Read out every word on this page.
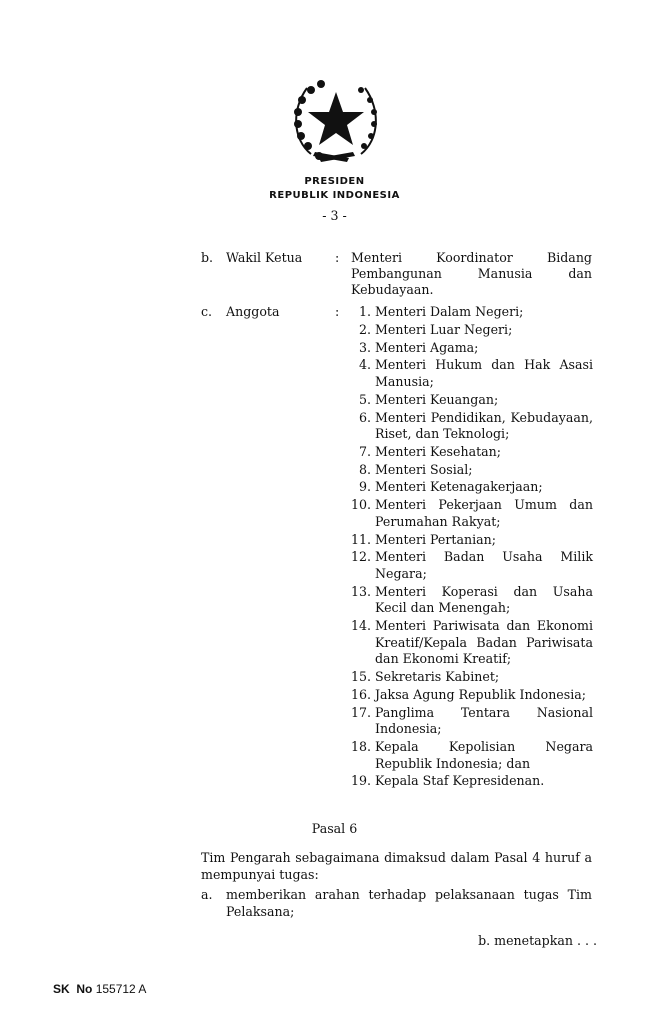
PRESIDEN
REPUBLIK INDONESIA
- 3 -
b. Wakil Ketua	: Menteri Koordinator Bidang
Pembangunan Manusia dan
Kebudayaan.
c. Anggota	:	1. Menteri Dalam Negeri;
2. Menteri Luar Negeri;
3. Menteri Agama;
4. Menteri Hukum dan Hak Asasi Manusia;
5. Menteri Keuangan;
6. Menteri Pendidikan, Kebudayaan, Riset, dan Teknologi;
7. Menteri Kesehatan;
8. Menteri Sosial;
9. Menteri Ketenagakerjaan;
10. Menteri Pekerjaan Umum dan Perumahan Rakyat;
11. Menteri Pertanian;
12. Menteri Badan Usaha Milik Negara;
13. Menteri Koperasi dan Usaha Kecil dan Menengah;
14. Menteri Pariwisata dan Ekonomi Kreatif/Kepala Badan Pariwisata dan Ekonomi Kreatif;
15. Sekretaris Kabinet;
16. Jaksa Agung Republik Indonesia;
17. Panglima Tentara Nasional Indonesia;
18. Kepala Kepolisian Negara Republik Indonesia; dan
19. Kepala Staf Kepresidenan.
Pasal 6
Tim Pengarah sebagaimana dimaksud dalam Pasal 4 huruf a mempunyai tugas:
a. memberikan arahan terhadap pelaksanaan tugas Tim Pelaksana;
b. menetapkan . . .
SK No 155712 A
